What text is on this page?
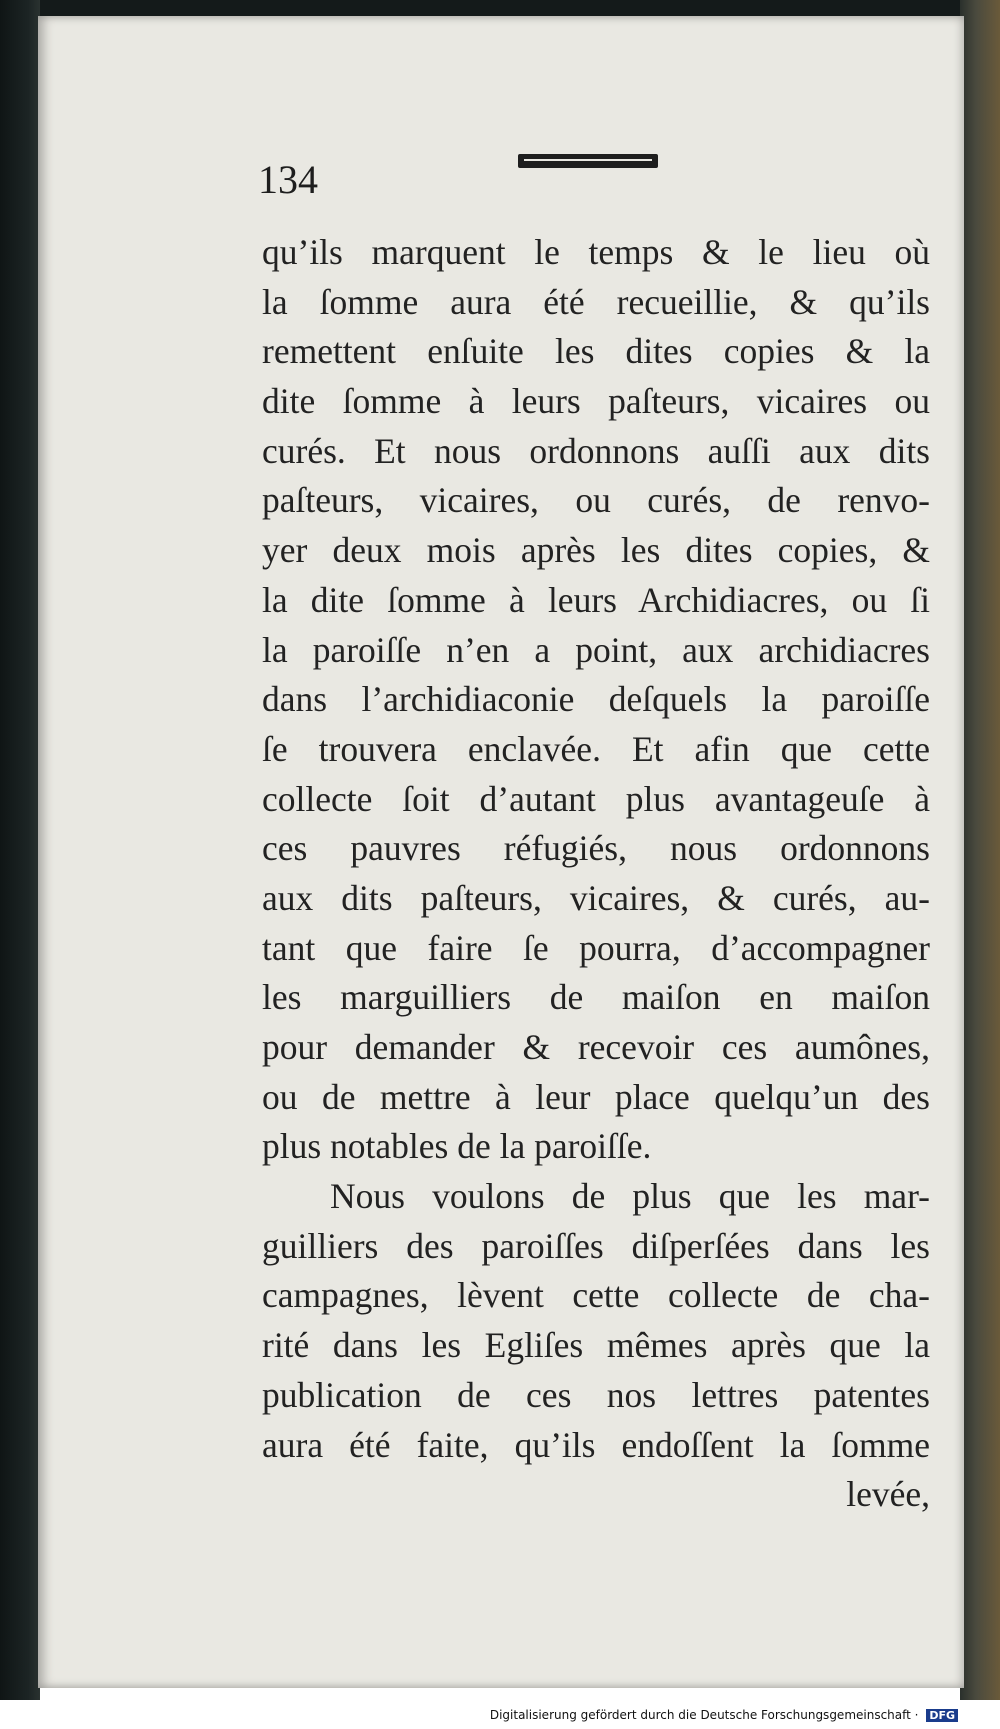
134
qu’ils marquent le temps & le lieu où
la ſomme aura été recueillie, & qu’ils
remettent enſuite les dites copies & la
dite ſomme à leurs paſteurs, vicaires ou
curés. Et nous ordonnons auſſi aux dits
paſteurs, vicaires, ou curés, de renvo-
yer deux mois après les dites copies, &
la dite ſomme à leurs Archidiacres, ou ſi
la paroiſſe n’en a point, aux archidiacres
dans l’archidiaconie deſquels la paroiſſe
ſe trouvera enclavée. Et afin que cette
collecte ſoit d’autant plus avantageuſe à
ces pauvres réfugiés, nous ordonnons
aux dits paſteurs, vicaires, & curés, au-
tant que faire ſe pourra, d’accompagner
les marguilliers de maiſon en maiſon
pour demander & recevoir ces aumônes,
ou de mettre à leur place quelqu’un des
plus notables de la paroiſſe.
Nous voulons de plus que les mar-
guilliers des paroiſſes diſperſées dans les
campagnes, lèvent cette collecte de cha-
rité dans les Egliſes mêmes après que la
publication de ces nos lettres patentes
aura été faite, qu’ils endoſſent la ſomme
levée,
Digitalisierung gefördert durch die Deutsche Forschungsgemeinschaft · DFG
